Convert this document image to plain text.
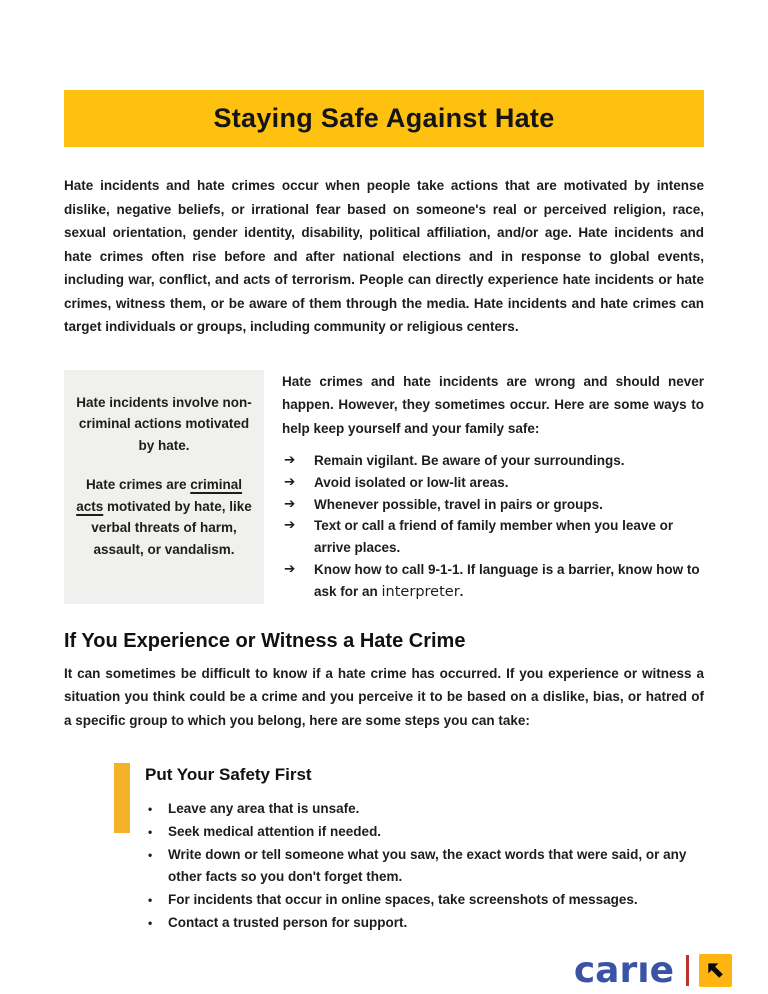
Staying Safe Against Hate

Hate incidents and hate crimes occur when people take actions that are motivated by intense dislike, negative beliefs, or irrational fear based on someone's real or perceived religion, race, sexual orientation, gender identity, disability, political affiliation, and/or age. Hate incidents and hate crimes often rise before and after national elections and in response to global events, including war, conflict, and acts of terrorism. People can directly experience hate incidents or hate crimes, witness them, or be aware of them through the media. Hate incidents and hate crimes can target individuals or groups, including community or religious centers.

Hate incidents involve non-criminal actions motivated by hate.

Hate crimes are criminal acts motivated by hate, like verbal threats of harm, assault, or vandalism.

Hate crimes and hate incidents are wrong and should never happen. However, they sometimes occur. Here are some ways to help keep yourself and your family safe:

➔	Remain vigilant. Be aware of your surroundings.
➔	Avoid isolated or low-lit areas.
➔	Whenever possible, travel in pairs or groups.
➔	Text or call a friend of family member when you leave or arrive places.
➔	Know how to call 9-1-1. If language is a barrier, know how to ask for an interpreter.
If You Experience or Witness a Hate Crime

It can sometimes be difficult to know if a hate crime has occurred. If you experience or witness a situation you think could be a crime and you perceive it to be based on a dislike, bias, or hatred of a specific group to which you belong, here are some steps you can take:

Put Your Safety First
•	Leave any area that is unsafe.
•	Seek medical attention if needed.
•	Write down or tell someone what you saw, the exact words that were said, or any other facts so you don't forget them.
•	For incidents that occur in online spaces, take screenshots of messages.
•	Contact a trusted person for support.
carıe
